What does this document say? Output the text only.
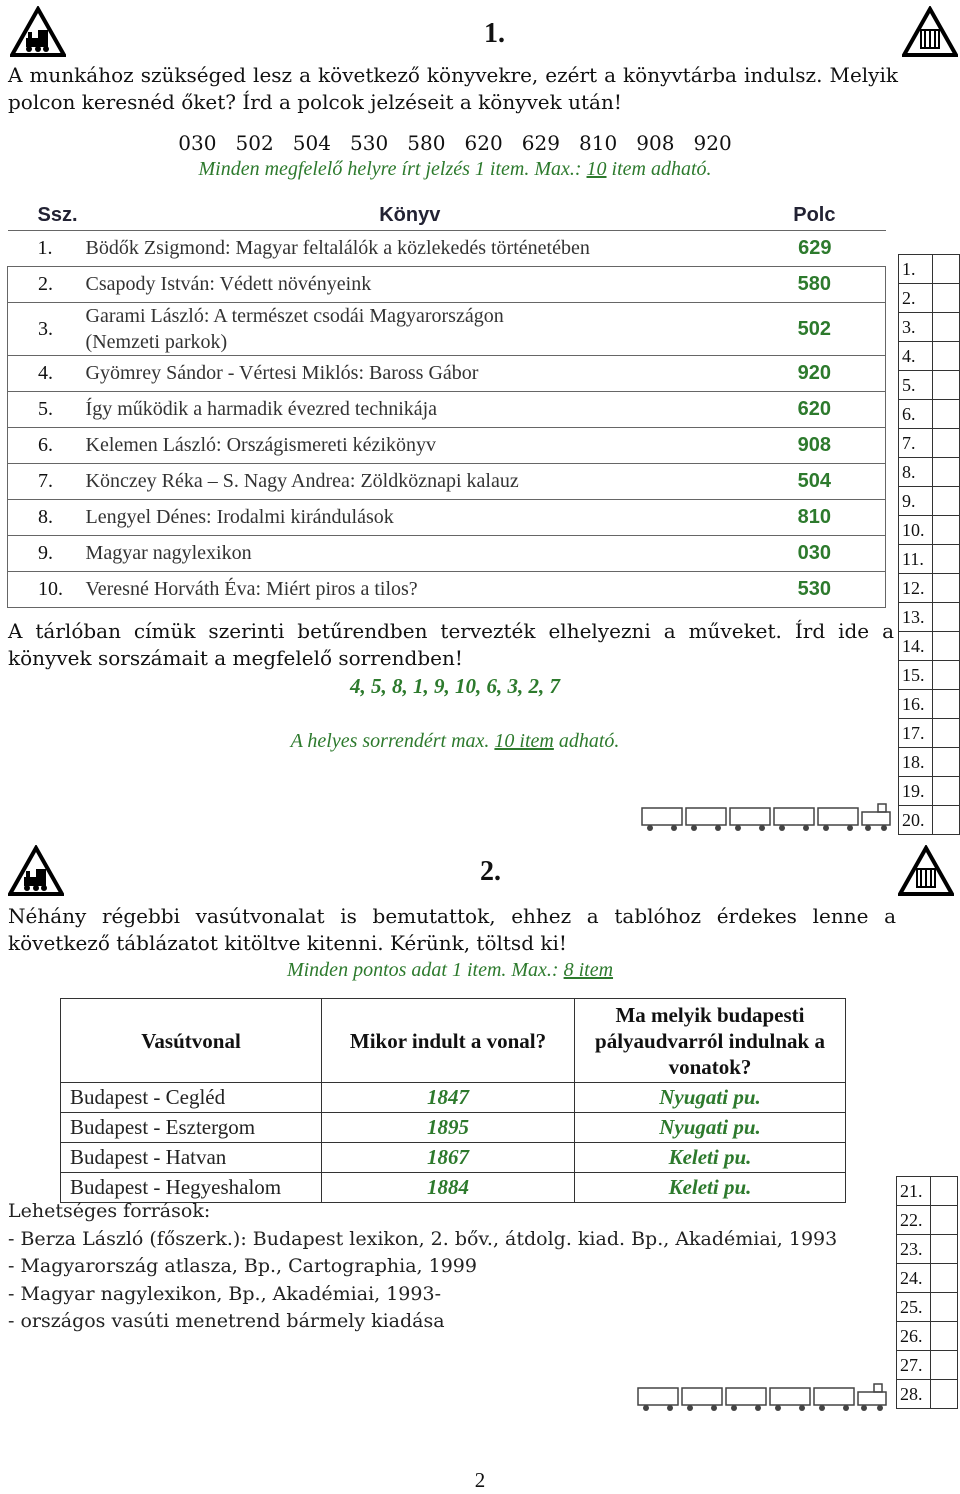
1.
A munkához szükséged lesz a következő könyvekre, ezért a könyvtárba indulsz. Melyik polcon keresnéd őket? Írd a polcok jelzéseit a könyvek után!
030   502   504   530   580   620   629   810   908   920
Minden megfelelő helyre írt jelzés 1 item. Max.: 10 item adható.
Ssz.	Könyv	Polc
1.	Bödők Zsigmond: Magyar feltalálók a közlekedés történetében	629
2.	Csapody István: Védett növényeink	580
3.	Garami László: A természet csodái Magyarországon (Nemzeti parkok)	502
4.	Gyömrey Sándor - Vértesi Miklós: Baross Gábor	920
5.	Így működik a harmadik évezred technikája	620
6.	Kelemen László: Országismereti kézikönyv	908
7.	Könczey Réka – S. Nagy Andrea: Zöldköznapi kalauz	504
8.	Lengyel Dénes: Irodalmi kirándulások	810
9.	Magyar nagylexikon	030
10.	Veresné Horváth Éva: Miért piros a tilos?	530
1.
2.
3.
4.
5.
6.
7.
8.
9.
10.
11.
12.
13.
14.
15.
16.
17.
18.
19.
20.
A tárlóban címük szerinti betűrendben tervezték elhelyezni a műveket. Írd ide a könyvek sorszámait a megfelelő sorrendben!
4, 5, 8, 1, 9, 10, 6, 3, 2, 7
A helyes sorrendért max. 10 item adható.
2.
Néhány régebbi vasútvonalat is bemutattok, ehhez a tablóhoz érdekes lenne a következő táblázatot kitöltve kitenni. Kérünk, töltsd ki!
Minden pontos adat 1 item. Max.: 8 item
Vasútvonal	Mikor indult a vonal?	Ma melyik budapesti pályaudvarról indulnak a vonatok?
Budapest - Cegléd	1847	Nyugati pu.
Budapest - Esztergom	1895	Nyugati pu.
Budapest - Hatvan	1867	Keleti pu.
Budapest - Hegyeshalom	1884	Keleti pu.
Lehetséges források:
- Berza László (főszerk.): Budapest lexikon, 2. bőv., átdolg. kiad. Bp., Akadémiai, 1993
- Magyarország atlasza, Bp., Cartographia, 1999
- Magyar nagylexikon, Bp., Akadémiai, 1993-
- országos vasúti menetrend bármely kiadása
21.
22.
23.
24.
25.
26.
27.
28.
2
